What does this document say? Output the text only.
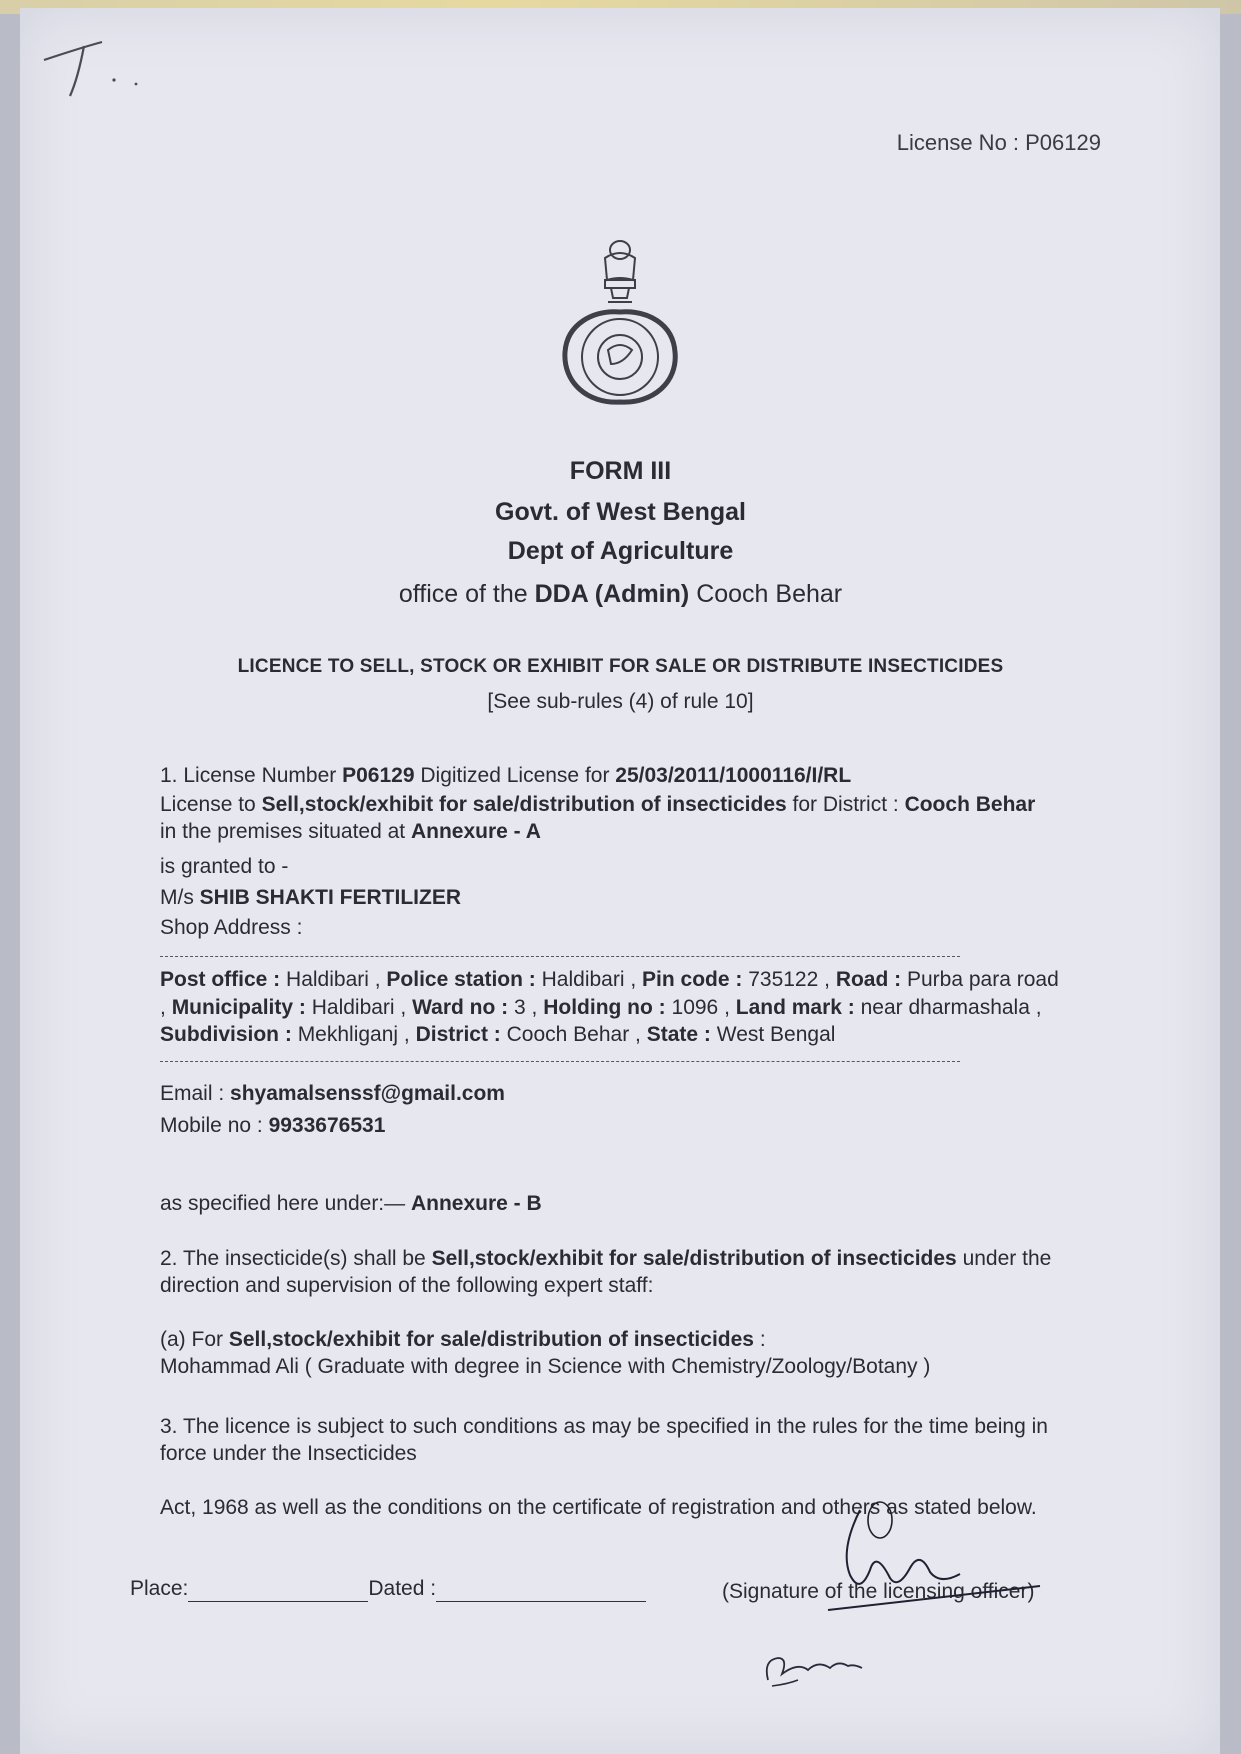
License No : P06129
FORM III
Govt. of West Bengal
Dept of Agriculture
office of the DDA (Admin) Cooch Behar
LICENCE TO SELL, STOCK OR EXHIBIT FOR SALE OR DISTRIBUTE INSECTICIDES
[See sub-rules (4) of rule 10]
1. License Number P06129 Digitized License for 25/03/2011/1000116/I/RL
License to Sell,stock/exhibit for sale/distribution of insecticides for District : Cooch Behar
in the premises situated at Annexure - A
is granted to -
M/s SHIB SHAKTI FERTILIZER
Shop Address :
Post office : Haldibari , Police station : Haldibari , Pin code : 735122 , Road : Purba para road , Municipality : Haldibari , Ward no : 3 , Holding no : 1096 , Land mark : near dharmashala , Subdivision : Mekhliganj , District : Cooch Behar , State : West Bengal
Email : shyamalsenssf@gmail.com
Mobile no : 9933676531
as specified here under:— Annexure - B
2. The insecticide(s) shall be Sell,stock/exhibit for sale/distribution of insecticides under the direction and supervision of the following expert staff:
(a) For Sell,stock/exhibit for sale/distribution of insecticides :
Mohammad Ali ( Graduate with degree in Science with Chemistry/Zoology/Botany )
3. The licence is subject to such conditions as may be specified in the rules for the time being in force under the Insecticides
Act, 1968 as well as the conditions on the certificate of registration and others as stated below.
Place:	Dated :	(Signature of the licensing officer)
